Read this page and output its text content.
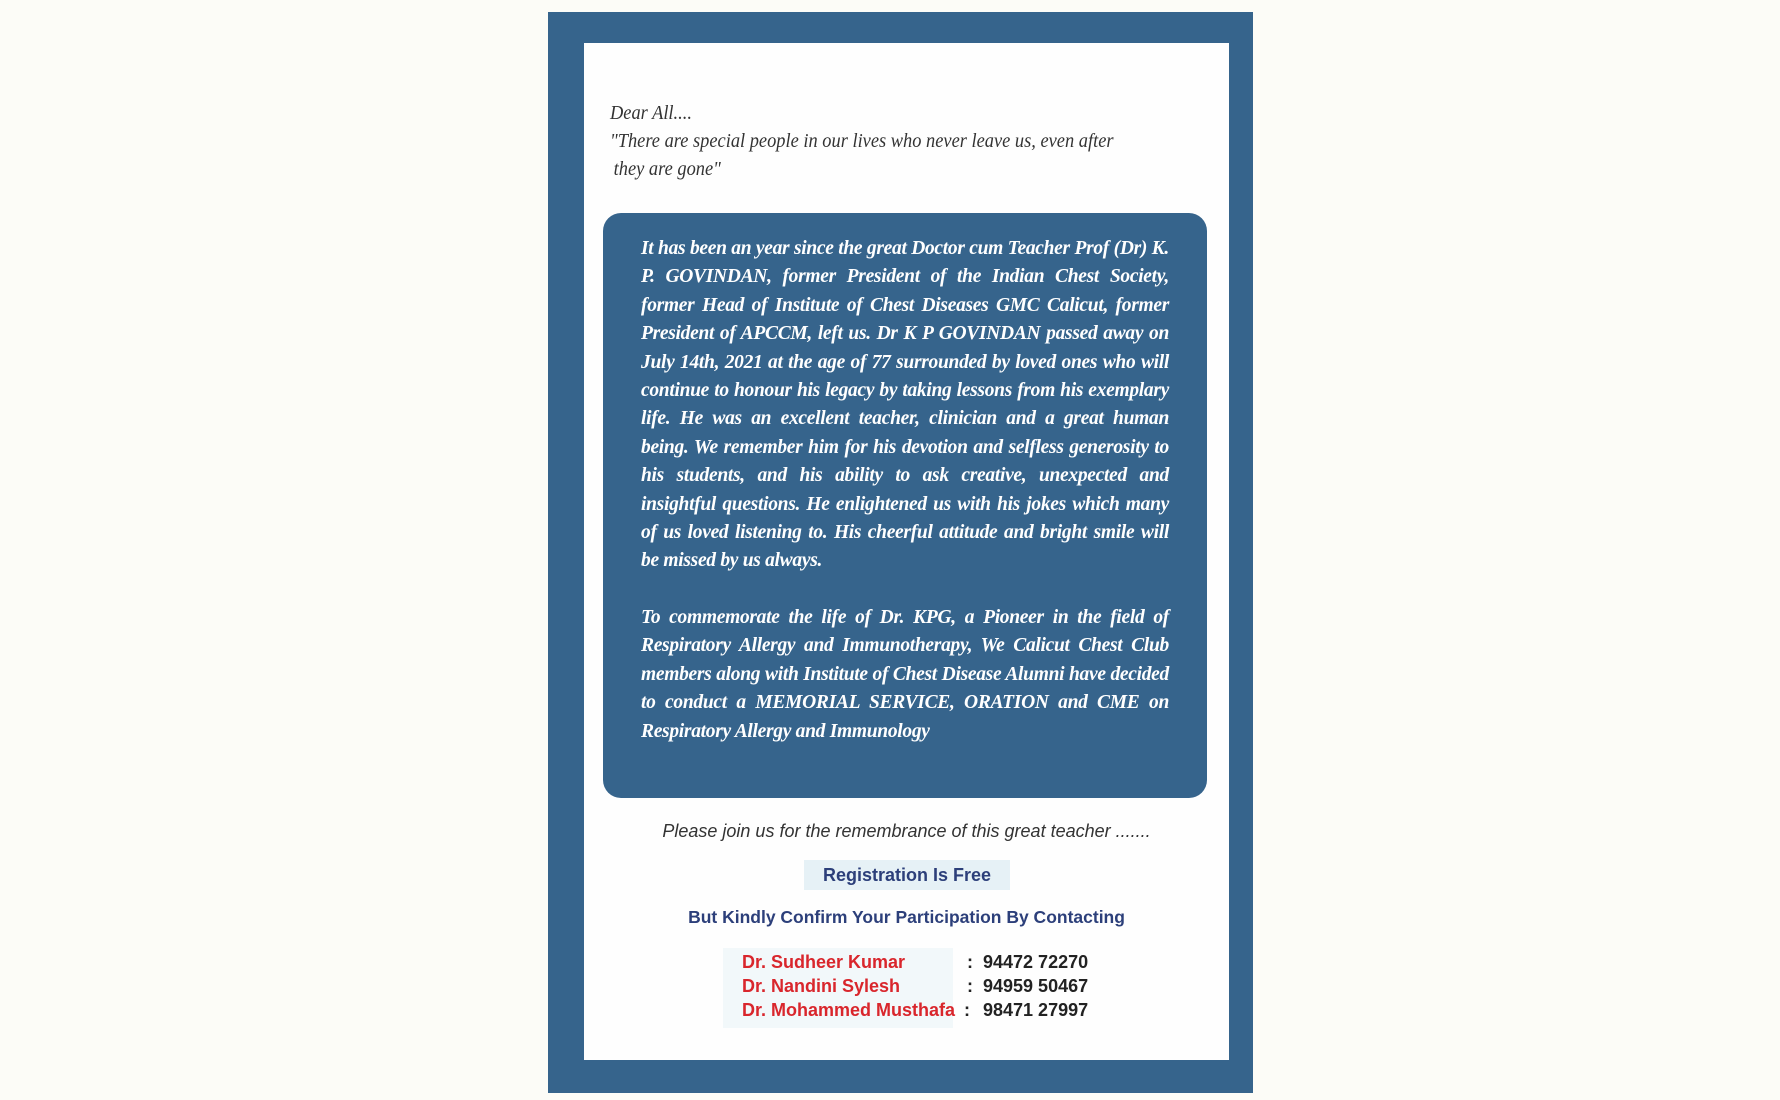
Dear All....
"There are special people in our lives who never leave us, even after
they are gone"

It has been an year since the great Doctor cum Teacher Prof (Dr) K. P. GOVINDAN, former President of the Indian Chest Society, former Head of Institute of Chest Diseases GMC Calicut, former President of APCCM, left us. Dr K P GOVINDAN passed away on July 14th, 2021 at the age of 77 surrounded by loved ones who will continue to honour his legacy by taking lessons from his exemplary life. He was an excellent teacher, clinician and a great human being. We remember him for his devotion and selfless generosity to his students, and his ability to ask creative, unexpected and insightful questions. He enlightened us with his jokes which many of us loved listening to. His cheerful attitude and bright smile will be missed by us always.

To commemorate the life of Dr. KPG, a Pioneer in the field of Respiratory Allergy and Immunotherapy, We Calicut Chest Club members along with Institute of Chest Disease Alumni have decided to conduct a MEMORIAL SERVICE, ORATION and CME on Respiratory Allergy and Immunology

Please join us for the remembrance of this great teacher .......
Registration Is Free
But Kindly Confirm Your Participation By Contacting
Dr. Sudheer Kumar	: 94472 72270
Dr. Nandini Sylesh	: 94959 50467
Dr. Mohammed Musthafa : 98471 27997
